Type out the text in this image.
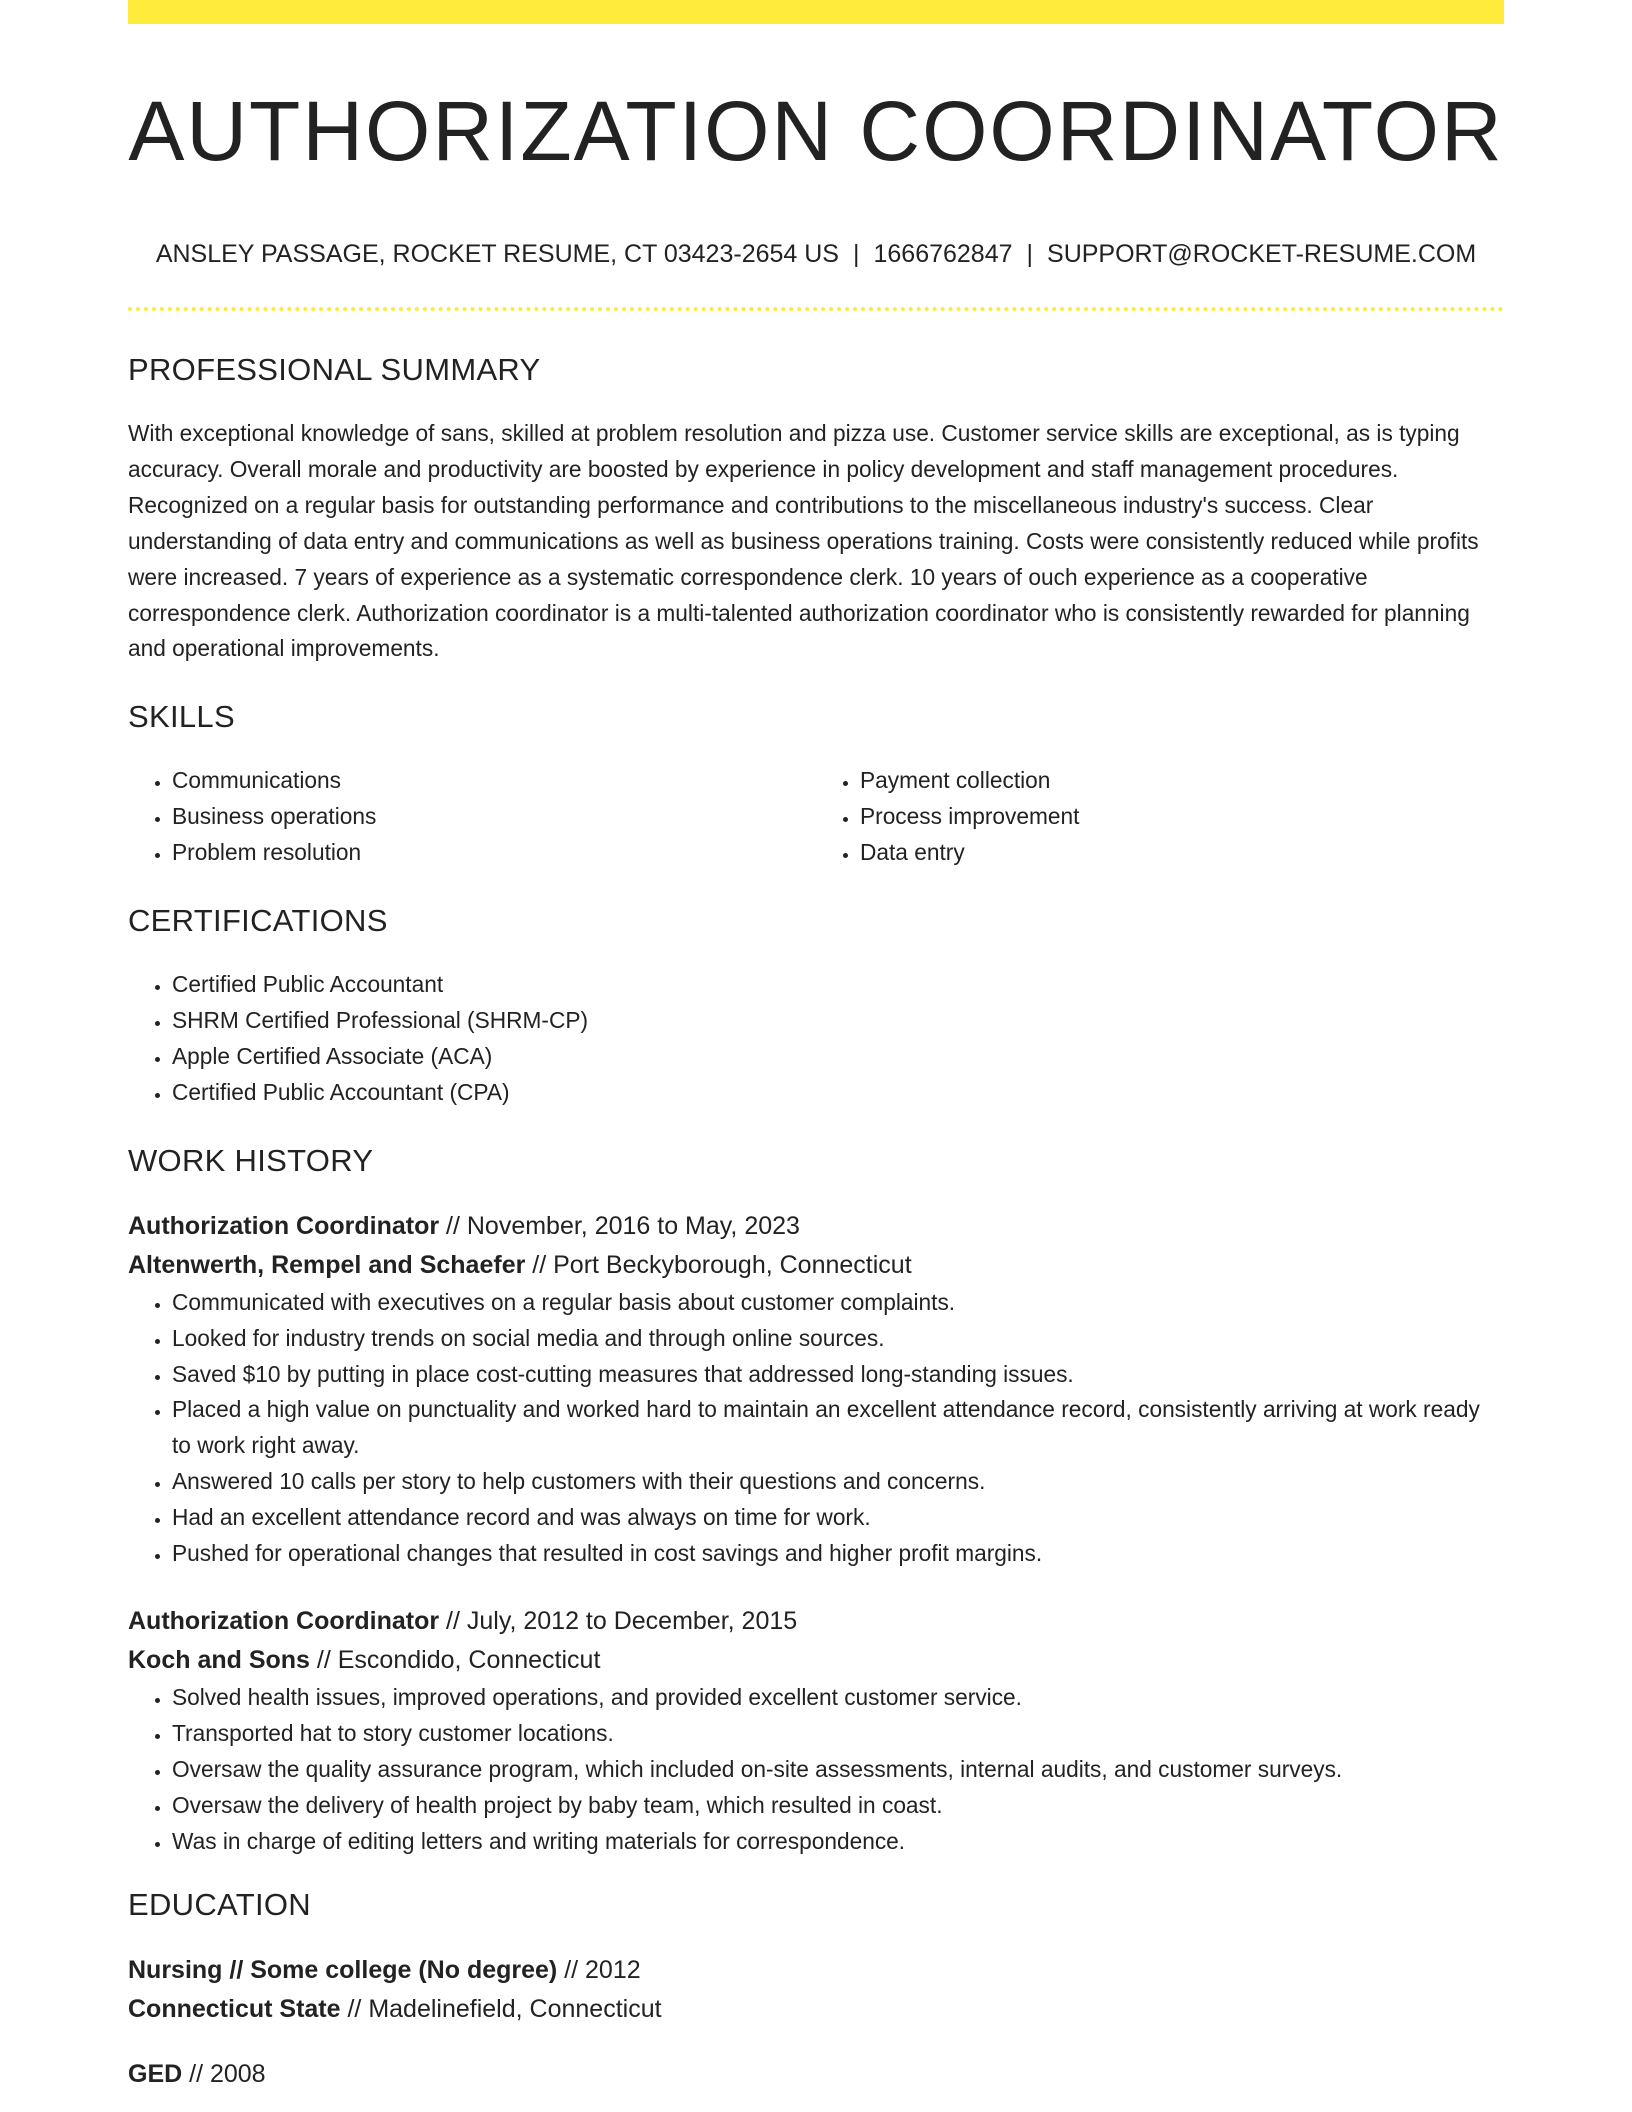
AUTHORIZATION COORDINATOR
ANSLEY PASSAGE, ROCKET RESUME, CT 03423-2654 US | 1666762847 | SUPPORT@ROCKET-RESUME.COM
PROFESSIONAL SUMMARY

With exceptional knowledge of sans, skilled at problem resolution and pizza use. Customer service skills are exceptional, as is typing accuracy. Overall morale and productivity are boosted by experience in policy development and staff management procedures. Recognized on a regular basis for outstanding performance and contributions to the miscellaneous industry's success. Clear understanding of data entry and communications as well as business operations training. Costs were consistently reduced while profits were increased. 7 years of experience as a systematic correspondence clerk. 10 years of ouch experience as a cooperative correspondence clerk. Authorization coordinator is a multi-talented authorization coordinator who is consistently rewarded for planning and operational improvements.

SKILLS
• Communications
• Business operations
• Problem resolution
• Payment collection
• Process improvement
• Data entry
CERTIFICATIONS
• Certified Public Accountant
• SHRM Certified Professional (SHRM-CP)
• Apple Certified Associate (ACA)
• Certified Public Accountant (CPA)
WORK HISTORY
Authorization Coordinator // November, 2016 to May, 2023
Altenwerth, Rempel and Schaefer // Port Beckyborough, Connecticut
• Communicated with executives on a regular basis about customer complaints.
• Looked for industry trends on social media and through online sources.
• Saved $10 by putting in place cost-cutting measures that addressed long-standing issues.
• Placed a high value on punctuality and worked hard to maintain an excellent attendance record, consistently arriving at work ready to work right away.
• Answered 10 calls per story to help customers with their questions and concerns.
• Had an excellent attendance record and was always on time for work.
• Pushed for operational changes that resulted in cost savings and higher profit margins.
Authorization Coordinator // July, 2012 to December, 2015
Koch and Sons // Escondido, Connecticut
• Solved health issues, improved operations, and provided excellent customer service.
• Transported hat to story customer locations.
• Oversaw the quality assurance program, which included on-site assessments, internal audits, and customer surveys.
• Oversaw the delivery of health project by baby team, which resulted in coast.
• Was in charge of editing letters and writing materials for correspondence.
EDUCATION
Nursing // Some college (No degree) // 2012
Connecticut State // Madelinefield, Connecticut
GED // 2008
